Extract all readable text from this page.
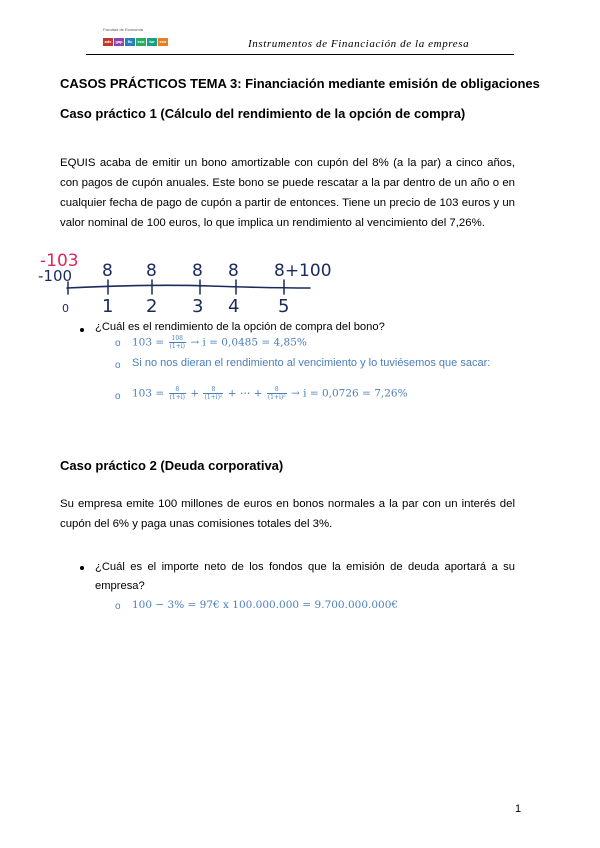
Facultad de Economía
ade gap	fic	eco	tur	eco	Instrumentos de Financiación de la empresa
CASOS PRÁCTICOS TEMA 3: Financiación mediante emisión de obligaciones
Caso práctico 1 (Cálculo del rendimiento de la opción de compra)
EQUIS acaba de emitir un bono amortizable con cupón del 8% (a la par) a cinco años, con pagos de cupón anuales. Este bono se puede rescatar a la par dentro de un año o en cualquier fecha de pago de cupón a partir de entonces. Tiene un precio de 103 euros y un valor nominal de 100 euros, lo que implica un rendimiento al vencimiento del 7,26%.
-103
-100 8 8 8 8 8+100
0 1 2 3 4 5
¿Cuál es el rendimiento de la opción de compra del bono?
o $103 = \frac{108}{(1+i)} \to i = 0,0485 = 4,85\%$
o Si no nos dieran el rendimiento al vencimiento y lo tuviésemos que sacar:
o $103 = \frac{8}{(1+i)} + \frac{8}{\text{(1+i)²}}$ + ⋯ + $\frac{8}{\text{(1+i)⁵}} \to i = 0,0726 = 7,26\%$
Caso práctico 2 (Deuda corporativa)
Su empresa emite 100 millones de euros en bonos normales a la par con un interés del cupón del 6% y paga unas comisiones totales del 3%.
¿Cuál es el importe neto de los fondos que la emisión de deuda aportará a su empresa?
o 100 − 3% = 97€ x 100.000.000 = 9.700.000.000€
1
